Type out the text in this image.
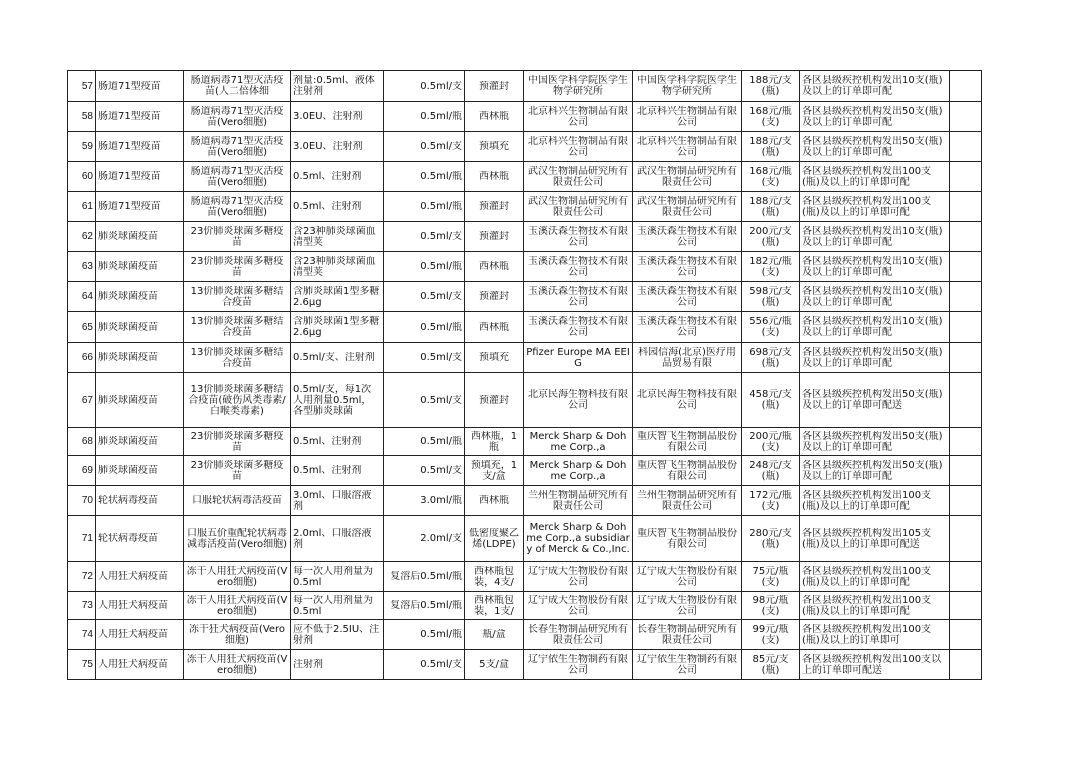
57	肠道71型疫苗	肠道病毒71型灭活疫苗(人二倍体细	剂量:0.5ml、液体注射剂	0.5ml/支	预灌封	中国医学科学院医学生物学研究所	中国医学科学院医学生物学研究所	188元/支(瓶)	各区县级疾控机构发出10支(瓶)及以上的订单即可配	

58	肠道71型疫苗	肠道病毒71型灭活疫苗(Vero细胞)	3.0EU、注射剂	0.5ml/瓶	西林瓶	北京科兴生物制品有限公司	北京科兴生物制品有限公司	168元/瓶(支)	各区县级疾控机构发出50支(瓶)及以上的订单即可配	

59	肠道71型疫苗	肠道病毒71型灭活疫苗(Vero细胞)	3.0EU、注射剂	0.5ml/支	预填充	北京科兴生物制品有限公司	北京科兴生物制品有限公司	188元/支(瓶)	各区县级疾控机构发出50支(瓶)及以上的订单即可配	

60	肠道71型疫苗	肠道病毒71型灭活疫苗(Vero细胞)	0.5ml、注射剂	0.5ml/瓶	西林瓶	武汉生物制品研究所有限责任公司	武汉生物制品研究所有限责任公司	168元/瓶(支)	各区县级疾控机构发出100支(瓶)及以上的订单即可配	

61	肠道71型疫苗	肠道病毒71型灭活疫苗(Vero细胞)	0.5ml、注射剂	0.5ml/瓶	预灌封	武汉生物制品研究所有限责任公司	武汉生物制品研究所有限责任公司	188元/支(瓶)	各区县级疾控机构发出100支(瓶)及以上的订单即可配	

62	肺炎球菌疫苗	23价肺炎球菌多糖疫苗	含23种肺炎球菌血清型荚	0.5ml/支	预灌封	玉溪沃森生物技术有限公司	玉溪沃森生物技术有限公司	200元/支(瓶)	各区县级疾控机构发出10支(瓶)及以上的订单即可配	

63	肺炎球菌疫苗	23价肺炎球菌多糖疫苗	含23种肺炎球菌血清型荚	0.5ml/瓶	西林瓶	玉溪沃森生物技术有限公司	玉溪沃森生物技术有限公司	182元/瓶(支)	各区县级疾控机构发出10支(瓶)及以上的订单即可配	

64	肺炎球菌疫苗	13价肺炎球菌多糖结合疫苗	含肺炎球菌1型多糖2.6μg	0.5ml/支	预灌封	玉溪沃森生物技术有限公司	玉溪沃森生物技术有限公司	598元/支(瓶)	各区县级疾控机构发出10支(瓶)及以上的订单即可配	

65	肺炎球菌疫苗	13价肺炎球菌多糖结合疫苗	含肺炎球菌1型多糖2.6μg	0.5ml/瓶	西林瓶	玉溪沃森生物技术有限公司	玉溪沃森生物技术有限公司	556元/瓶(支)	各区县级疾控机构发出10支(瓶)及以上的订单即可配	

66	肺炎球菌疫苗	13价肺炎球菌多糖结合疫苗	0.5ml/支、注射剂	0.5ml/支	预填充	Pfizer Europe MA EEIG	科园信海(北京)医疗用品贸易有限	698元/支(瓶)	各区县级疾控机构发出50支(瓶)及以上的订单即可配	

67	肺炎球菌疫苗	13价肺炎球菌多糖结合疫苗(破伤风类毒素/白喉类毒素)	0.5ml/支，每1次人用剂量0.5ml，各型肺炎球菌	0.5ml/支	预灌封	北京民海生物科技有限公司	北京民海生物科技有限公司	458元/支(瓶)	各区县级疾控机构发出50支(瓶)及以上的订单即可配送	

68	肺炎球菌疫苗	23价肺炎球菌多糖疫苗	0.5ml、注射剂	0.5ml/瓶	西林瓶，1瓶	Merck Sharp & Dohme Corp.,a	重庆智飞生物制品股份有限公司	200元/瓶(支)	各区县级疾控机构发出50支(瓶)及以上的订单即可配	

69	肺炎球菌疫苗	23价肺炎球菌多糖疫苗	0.5ml、注射剂	0.5ml/支	预填充，1支/盒	Merck Sharp & Dohme Corp.,a	重庆智飞生物制品股份有限公司	248元/支(瓶)	各区县级疾控机构发出50支(瓶)及以上的订单即可配	

70	轮状病毒疫苗	口服轮状病毒活疫苗	3.0ml、口服溶液剂	3.0ml/瓶	西林瓶	兰州生物制品研究所有限责任公司	兰州生物制品研究所有限责任公司	172元/瓶(支)	各区县级疾控机构发出100支(瓶)及以上的订单即可配	

71	轮状病毒疫苗	口服五价重配轮状病毒减毒活疫苗(Vero细胞)	2.0ml、口服溶液剂	2.0ml/支	低密度聚乙烯(LDPE)	Merck Sharp & Dohme Corp.,a subsidiary of Merck & Co.,Inc.	重庆智飞生物制品股份有限公司	280元/支(瓶)	各区县级疾控机构发出105支(瓶)及以上的订单即可配送	

72	人用狂犬病疫苗	冻干人用狂犬病疫苗(Vero细胞)	每一次人用剂量为0.5ml	复溶后0.5ml/瓶	西林瓶包装，4支/	辽宁成大生物股份有限公司	辽宁成大生物股份有限公司	75元/瓶(支)	各区县级疾控机构发出100支(瓶)及以上的订单即可配	

73	人用狂犬病疫苗	冻干人用狂犬病疫苗(Vero细胞)	每一次人用剂量为0.5ml	复溶后0.5ml/瓶	西林瓶包装，1支/	辽宁成大生物股份有限公司	辽宁成大生物股份有限公司	98元/瓶(支)	各区县级疾控机构发出100支(瓶)及以上的订单即可配	

74	人用狂犬病疫苗	冻干狂犬病疫苗(Vero细胞)	应不低于2.5IU、注射剂	0.5ml/瓶	瓶/盒	长春生物制品研究所有限责任公司	长春生物制品研究所有限责任公司	99元/瓶(支)	各区县级疾控机构发出100支(瓶)及以上的订单即可	

75	人用狂犬病疫苗	冻干人用狂犬病疫苗(Vero细胞)	注射剂	0.5ml/支	5支/盒	辽宁依生生物制药有限公司	辽宁依生生物制药有限公司	85元/支(瓶)	各区县级疾控机构发出100支以上的订单即可配送	
